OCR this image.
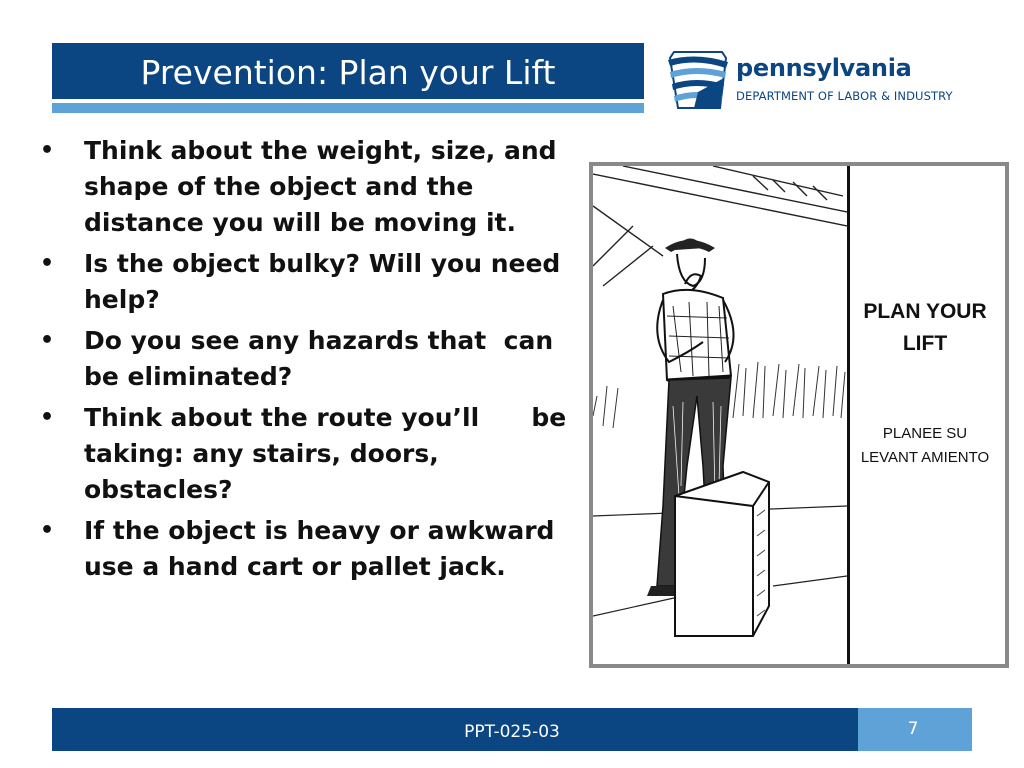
Prevention: Plan your Lift	pennsylvania
DEPARTMENT OF LABOR & INDUSTRY
• Think about the weight, size, and shape of the object and the distance you will be moving it.
• Is the object bulky? Will you need help?
• Do you see any hazards that  can be eliminated?
• Think about the route you’ll      be taking: any stairs, doors, obstacles?
• If the object is heavy or awkward use a hand cart or pallet jack.
PLAN YOUR
LIFT
PLANEE SU
LEVANT AMIENTO
PPT-025-03	7
